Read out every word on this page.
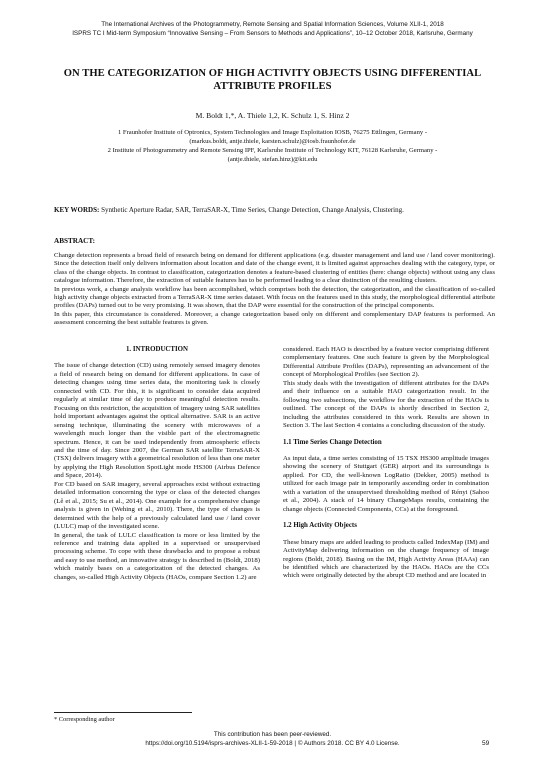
The International Archives of the Photogrammetry, Remote Sensing and Spatial Information Sciences, Volume XLII-1, 2018
ISPRS TC I Mid-term Symposium “Innovative Sensing – From Sensors to Methods and Applications”, 10–12 October 2018, Karlsruhe, Germany
ON THE CATEGORIZATION OF HIGH ACTIVITY OBJECTS USING DIFFERENTIAL ATTRIBUTE PROFILES
M. Boldt 1,*, A. Thiele 1,2, K. Schulz 1, S. Hinz 2
1 Fraunhofer Institute of Optronics, System Technologies and Image Exploitation IOSB, 76275 Ettlingen, Germany -
(markus.boldt, antje.thiele, karsten.schulz)@iosb.fraunhofer.de
2 Institute of Photogrammetry and Remote Sensing IPF, Karlsruhe Institute of Technology KIT, 76128 Karlsruhe, Germany -
(antje.thiele, stefan.hinz)@kit.edu
KEY WORDS: Synthetic Aperture Radar, SAR, TerraSAR-X, Time Series, Change Detection, Change Analysis, Clustering.
ABSTRACT:

Change detection represents a broad field of research being on demand for different applications (e.g. disaster management and land use / land cover monitoring). Since the detection itself only delivers information about location and date of the change event, it is limited against approaches dealing with the category, type, or class of the change objects. In contrast to classification, categorization denotes a feature-based clustering of entities (here: change objects) without using any class catalogue information. Therefore, the extraction of suitable features has to be performed leading to a clear distinction of the resulting clusters.

In previous work, a change analysis workflow has been accomplished, which comprises both the detection, the categorization, and the classification of so-called high activity change objects extracted from a TerraSAR-X time series dataset. With focus on the features used in this study, the morphological differential attribute profiles (DAPs) turned out to be very promising. It was shown, that the DAP were essential for the construction of the principal components.

In this paper, this circumstance is considered. Moreover, a change categorization based only on different and complementary DAP features is performed. An assessment concerning the best suitable features is given.

1. INTRODUCTION

The issue of change detection (CD) using remotely sensed imagery denotes a field of research being on demand for different applications. In case of detecting changes using time series data, the monitoring task is closely connected with CD. For this, it is significant to consider data acquired regularly at similar time of day to produce meaningful detection results. Focusing on this restriction, the acquisition of imagery using SAR satellites hold important advantages against the optical alternative. SAR is an active sensing technique, illuminating the scenery with microwaves of a wavelength much longer than the visible part of the electromagnetic spectrum. Hence, it can be used independently from atmospheric effects and the time of day. Since 2007, the German SAR satellite TerraSAR-X (TSX) delivers imagery with a geometrical resolution of less than one meter by applying the High Resolution SpotLight mode HS300 (Airbus Defence and Space, 2014).

For CD based on SAR imagery, several approaches exist without extracting detailed information concerning the type or class of the detected changes (Lê et al., 2015; Su et al., 2014). One example for a comprehensive change analysis is given in (Wehing et al., 2010). There, the type of changes is determined with the help of a previously calculated land use / land cover (LULC) map of the investigated scene.

In general, the task of LULC classification is more or less limited by the reference and training data applied in a supervised or unsupervised processing scheme. To cope with these drawbacks and to propose a robust and easy to use method, an innovative strategy is described in (Boldt, 2018) which mainly bases on a categorization of the detected changes. As changes, so-called High Activity Objects (HAOs, compare Section 1.2) are

considered. Each HAO is described by a feature vector comprising different complementary features. One such feature is given by the Morphological Differential Attribute Profiles (DAPs), representing an advancement of the concept of Morphological Profiles (see Section 2).

This study deals with the investigation of different attributes for the DAPs and their influence on a suitable HAO categorization result. In the following two subsections, the workflow for the extraction of the HAOs is outlined. The concept of the DAPs is shortly described in Section 2, including the attributes considered in this work. Results are shown in Section 3. The last Section 4 contains a concluding discussion of the study.

1.1 Time Series Change Detection

As input data, a time series consisting of 15 TSX HS300 amplitude images showing the scenery of Stuttgart (GER) airport and its surroundings is applied. For CD, the well-known LogRatio (Dekker, 2005) method is utilized for each image pair in temporarily ascending order in combination with a variation of the unsupervised thresholding method of Rényi (Sahoo et al., 2004). A stack of 14 binary ChangeMaps results, containing the change objects (Connected Components, CCs) at the foreground.

1.2 High Activity Objects

These binary maps are added leading to products called IndexMap (IM) and ActivityMap delivering information on the change frequency of image regions (Boldt, 2018). Basing on the IM, High Activity Areas (HAAs) can be identified which are characterized by the HAOs. HAOs are the CCs which were originally detected by the abrupt CD method and are located in

* Corresponding author
This contribution has been peer-reviewed.
https://doi.org/10.5194/isprs-archives-XLII-1-59-2018 | © Authors 2018. CC BY 4.0 License.	59
